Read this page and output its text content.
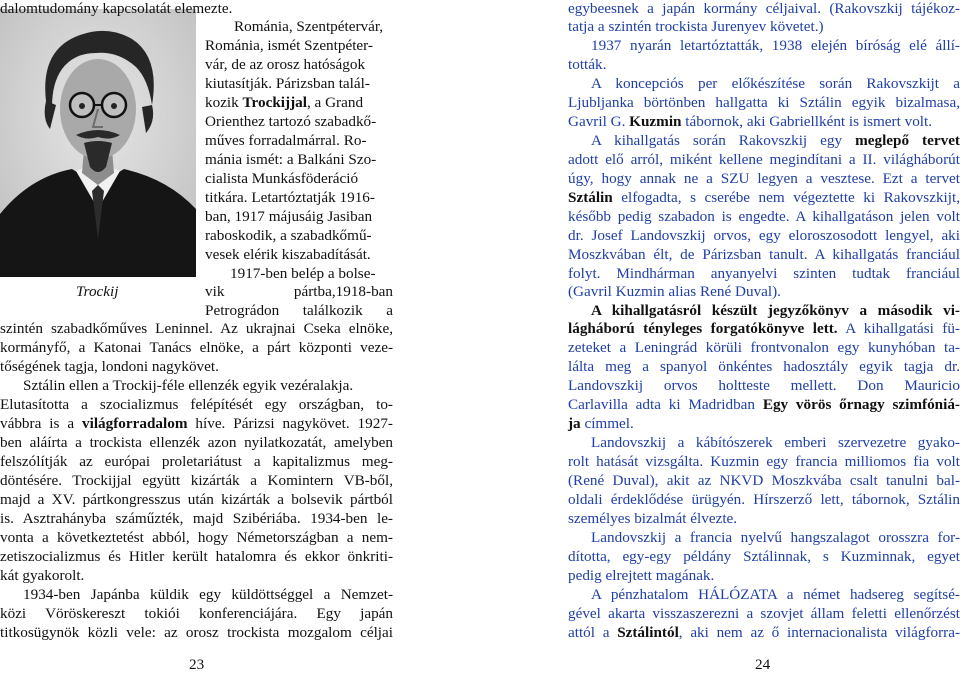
Trockij
dalomtudomány kapcsolatát elemezte.
Románia, Szentpétervár,
Románia, ismét Szentpéter-
vár, de az orosz hatóságok
kiutasítják. Párizsban talál-
kozik Trockijjal, a Grand
Orienthez tartozó szabadkő-
műves forradalmárral. Ro-
mánia ismét: a Balkáni Szo-
cialista Munkásföderáció
titkára. Letartóztatják 1916-
ban, 1917 májusáig Jasiban
raboskodik, a szabadkőmű-
vesek elérik kiszabadítását.
1917-ben belép a bolse-
vik pártba,1918-ban
Petrográdon találkozik a
szintén szabadkőműves Leninnel. Az ukrajnai Cseka elnöke,
kormányfő, a Katonai Tanács elnöke, a párt központi veze-
tőségének tagja, londoni nagykövet.
Sztálin ellen a Trockij-féle ellenzék egyik vezéralakja.
Elutasította a szocializmus felépítését egy országban, to-
vábbra is a világforradalom híve. Párizsi nagykövet. 1927-
ben aláírta a trockista ellenzék azon nyilatkozatát, amelyben
felszólítják az európai proletariátust a kapitalizmus meg-
döntésére. Trockijjal együtt kizárták a Komintern VB-ből,
majd a XV. pártkongresszus után kizárták a bolsevik pártból
is. Asztrahányba száműzték, majd Szibériába. 1934-ben le-
vonta a következtetést abból, hogy Németországban a nem-
zetiszocializmus és Hitler került hatalomra és ekkor önkriti-
kát gyakorolt.
1934-ben Japánba küldik egy küldöttséggel a Nemzet-
közi Vöröskereszt tokiói konferenciájára. Egy japán
titkosügynök közli vele: az orosz trockista mozgalom céljai
23
egybeesnek a japán kormány céljaival. (Rakovszkij tájékoz-
tatja a szintén trockista Jurenyev követet.)
1937 nyarán letartóztatták, 1938 elején bíróság elé állí-
tották.
A koncepciós per előkészítése során Rakovszkijt a
Ljubljanka börtönben hallgatta ki Sztálin egyik bizalmasa,
Gavril G. Kuzmin tábornok, aki Gabriellként is ismert volt.
A kihallgatás során Rakovszkij egy meglepő tervet
adott elő arról, miként kellene megindítani a II. világháborút
úgy, hogy annak ne a SZU legyen a vesztese. Ezt a tervet
Sztálin elfogadta, s cserébe nem végeztette ki Rakovszkijt,
később pedig szabadon is engedte. A kihallgatáson jelen volt
dr. Josef Landovszkij orvos, egy eloroszosodott lengyel, aki
Moszkvában élt, de Párizsban tanult. A kihallgatás franciául
folyt. Mindhárman anyanyelvi szinten tudtak franciául
(Gavril Kuzmin alias René Duval).
A kihallgatásról készült jegyzőkönyv a második vi-
lágháború tényleges forgatókönyve lett. A kihallgatási fü-
zeteket a Leningrád körüli frontvonalon egy kunyhóban ta-
lálta meg a spanyol önkéntes hadosztály egyik tagja dr.
Landovszkij orvos holtteste mellett. Don Mauricio
Carlavilla adta ki Madridban Egy vörös őrnagy szimfóniá-
ja címmel.
Landovszkij a kábítószerek emberi szervezetre gyako-
rolt hatását vizsgálta. Kuzmin egy francia milliomos fia volt
(René Duval), akit az NKVD Moszkvába csalt tanulni bal-
oldali érdeklődése ürügyén. Hírszerző lett, tábornok, Sztálin
személyes bizalmát élvezte.
Landovszkij a francia nyelvű hangszalagot orosszra for-
dította, egy-egy példány Sztálinnak, s Kuzminnak, egyet
pedig elrejtett magának.
A pénzhatalom HÁLÓZATA a német hadsereg segítsé-
gével akarta visszaszerezni a szovjet állam feletti ellenőrzést
attól a Sztálintól, aki nem az ő internacionalista világforra-
24
